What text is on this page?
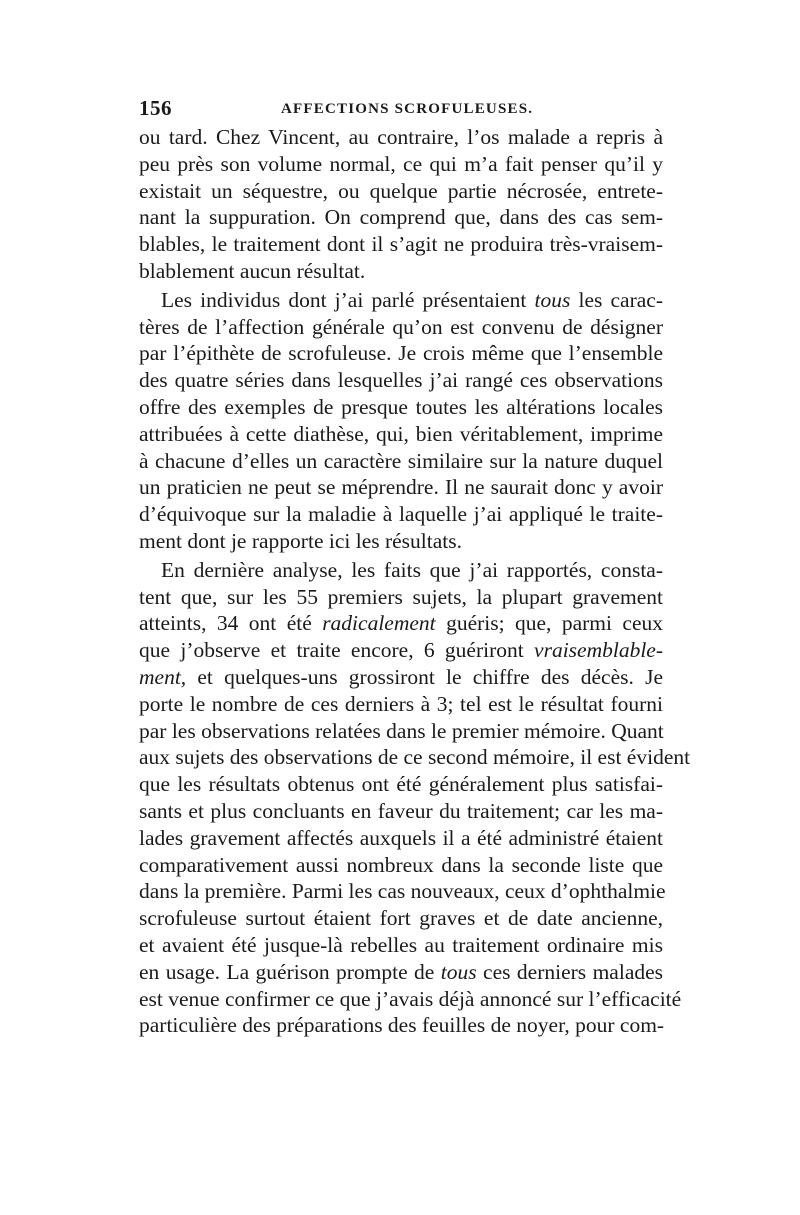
156	AFFECTIONS SCROFULEUSES.
ou tard. Chez Vincent, au contraire, l’os malade a repris à
peu près son volume normal, ce qui m’a fait penser qu’il y
existait un séquestre, ou quelque partie nécrosée, entrete-
nant la suppuration. On comprend que, dans des cas sem-
blables, le traitement dont il s’agit ne produira très-vraisem-
blablement aucun résultat.
Les individus dont j’ai parlé présentaient tous les carac-
tères de l’affection générale qu’on est convenu de désigner
par l’épithète de scrofuleuse. Je crois même que l’ensemble
des quatre séries dans lesquelles j’ai rangé ces observations
offre des exemples de presque toutes les altérations locales
attribuées à cette diathèse, qui, bien véritablement, imprime
à chacune d’elles un caractère similaire sur la nature duquel
un praticien ne peut se méprendre. Il ne saurait donc y avoir
d’équivoque sur la maladie à laquelle j’ai appliqué le traite-
ment dont je rapporte ici les résultats.
En dernière analyse, les faits que j’ai rapportés, consta-
tent que, sur les 55 premiers sujets, la plupart gravement
atteints, 34 ont été radicalement guéris; que, parmi ceux
que j’observe et traite encore, 6 guériront vraisemblable-
ment, et quelques-uns grossiront le chiffre des décès. Je
porte le nombre de ces derniers à 3; tel est le résultat fourni
par les observations relatées dans le premier mémoire. Quant
aux sujets des observations de ce second mémoire, il est évident
que les résultats obtenus ont été généralement plus satisfai-
sants et plus concluants en faveur du traitement; car les ma-
lades gravement affectés auxquels il a été administré étaient
comparativement aussi nombreux dans la seconde liste que
dans la première. Parmi les cas nouveaux, ceux d’ophthalmie
scrofuleuse surtout étaient fort graves et de date ancienne,
et avaient été jusque-là rebelles au traitement ordinaire mis
en usage. La guérison prompte de tous ces derniers malades
est venue confirmer ce que j’avais déjà annoncé sur l’efficacité
particulière des préparations des feuilles de noyer, pour com-
